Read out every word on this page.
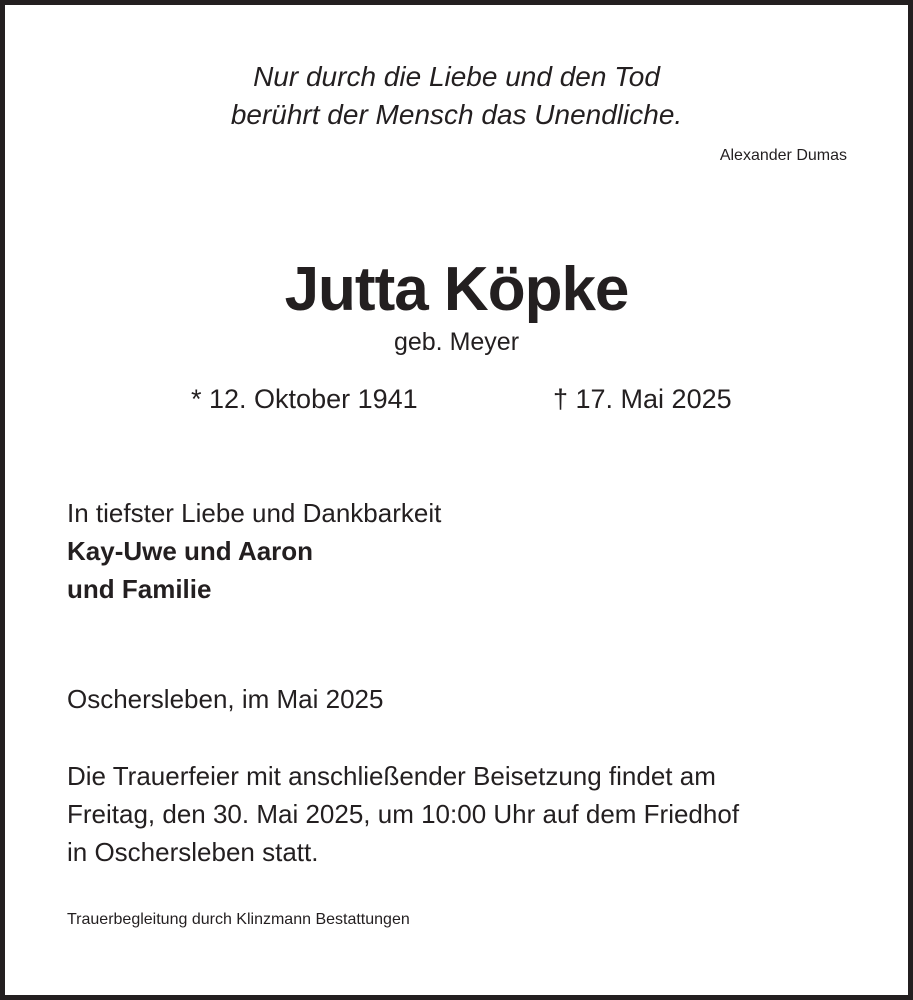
Nur durch die Liebe und den Tod
berührt der Mensch das Unendliche.
Alexander Dumas
Jutta Köpke
geb. Meyer
* 12. Oktober 1941	† 17. Mai 2025
In tiefster Liebe und Dankbarkeit
Kay-Uwe und Aaron
und Familie
Oschersleben, im Mai 2025
Die Trauerfeier mit anschließender Beisetzung findet am
Freitag, den 30. Mai 2025, um 10:00 Uhr auf dem Friedhof
in Oschersleben statt.
Trauerbegleitung durch Klinzmann Bestattungen
